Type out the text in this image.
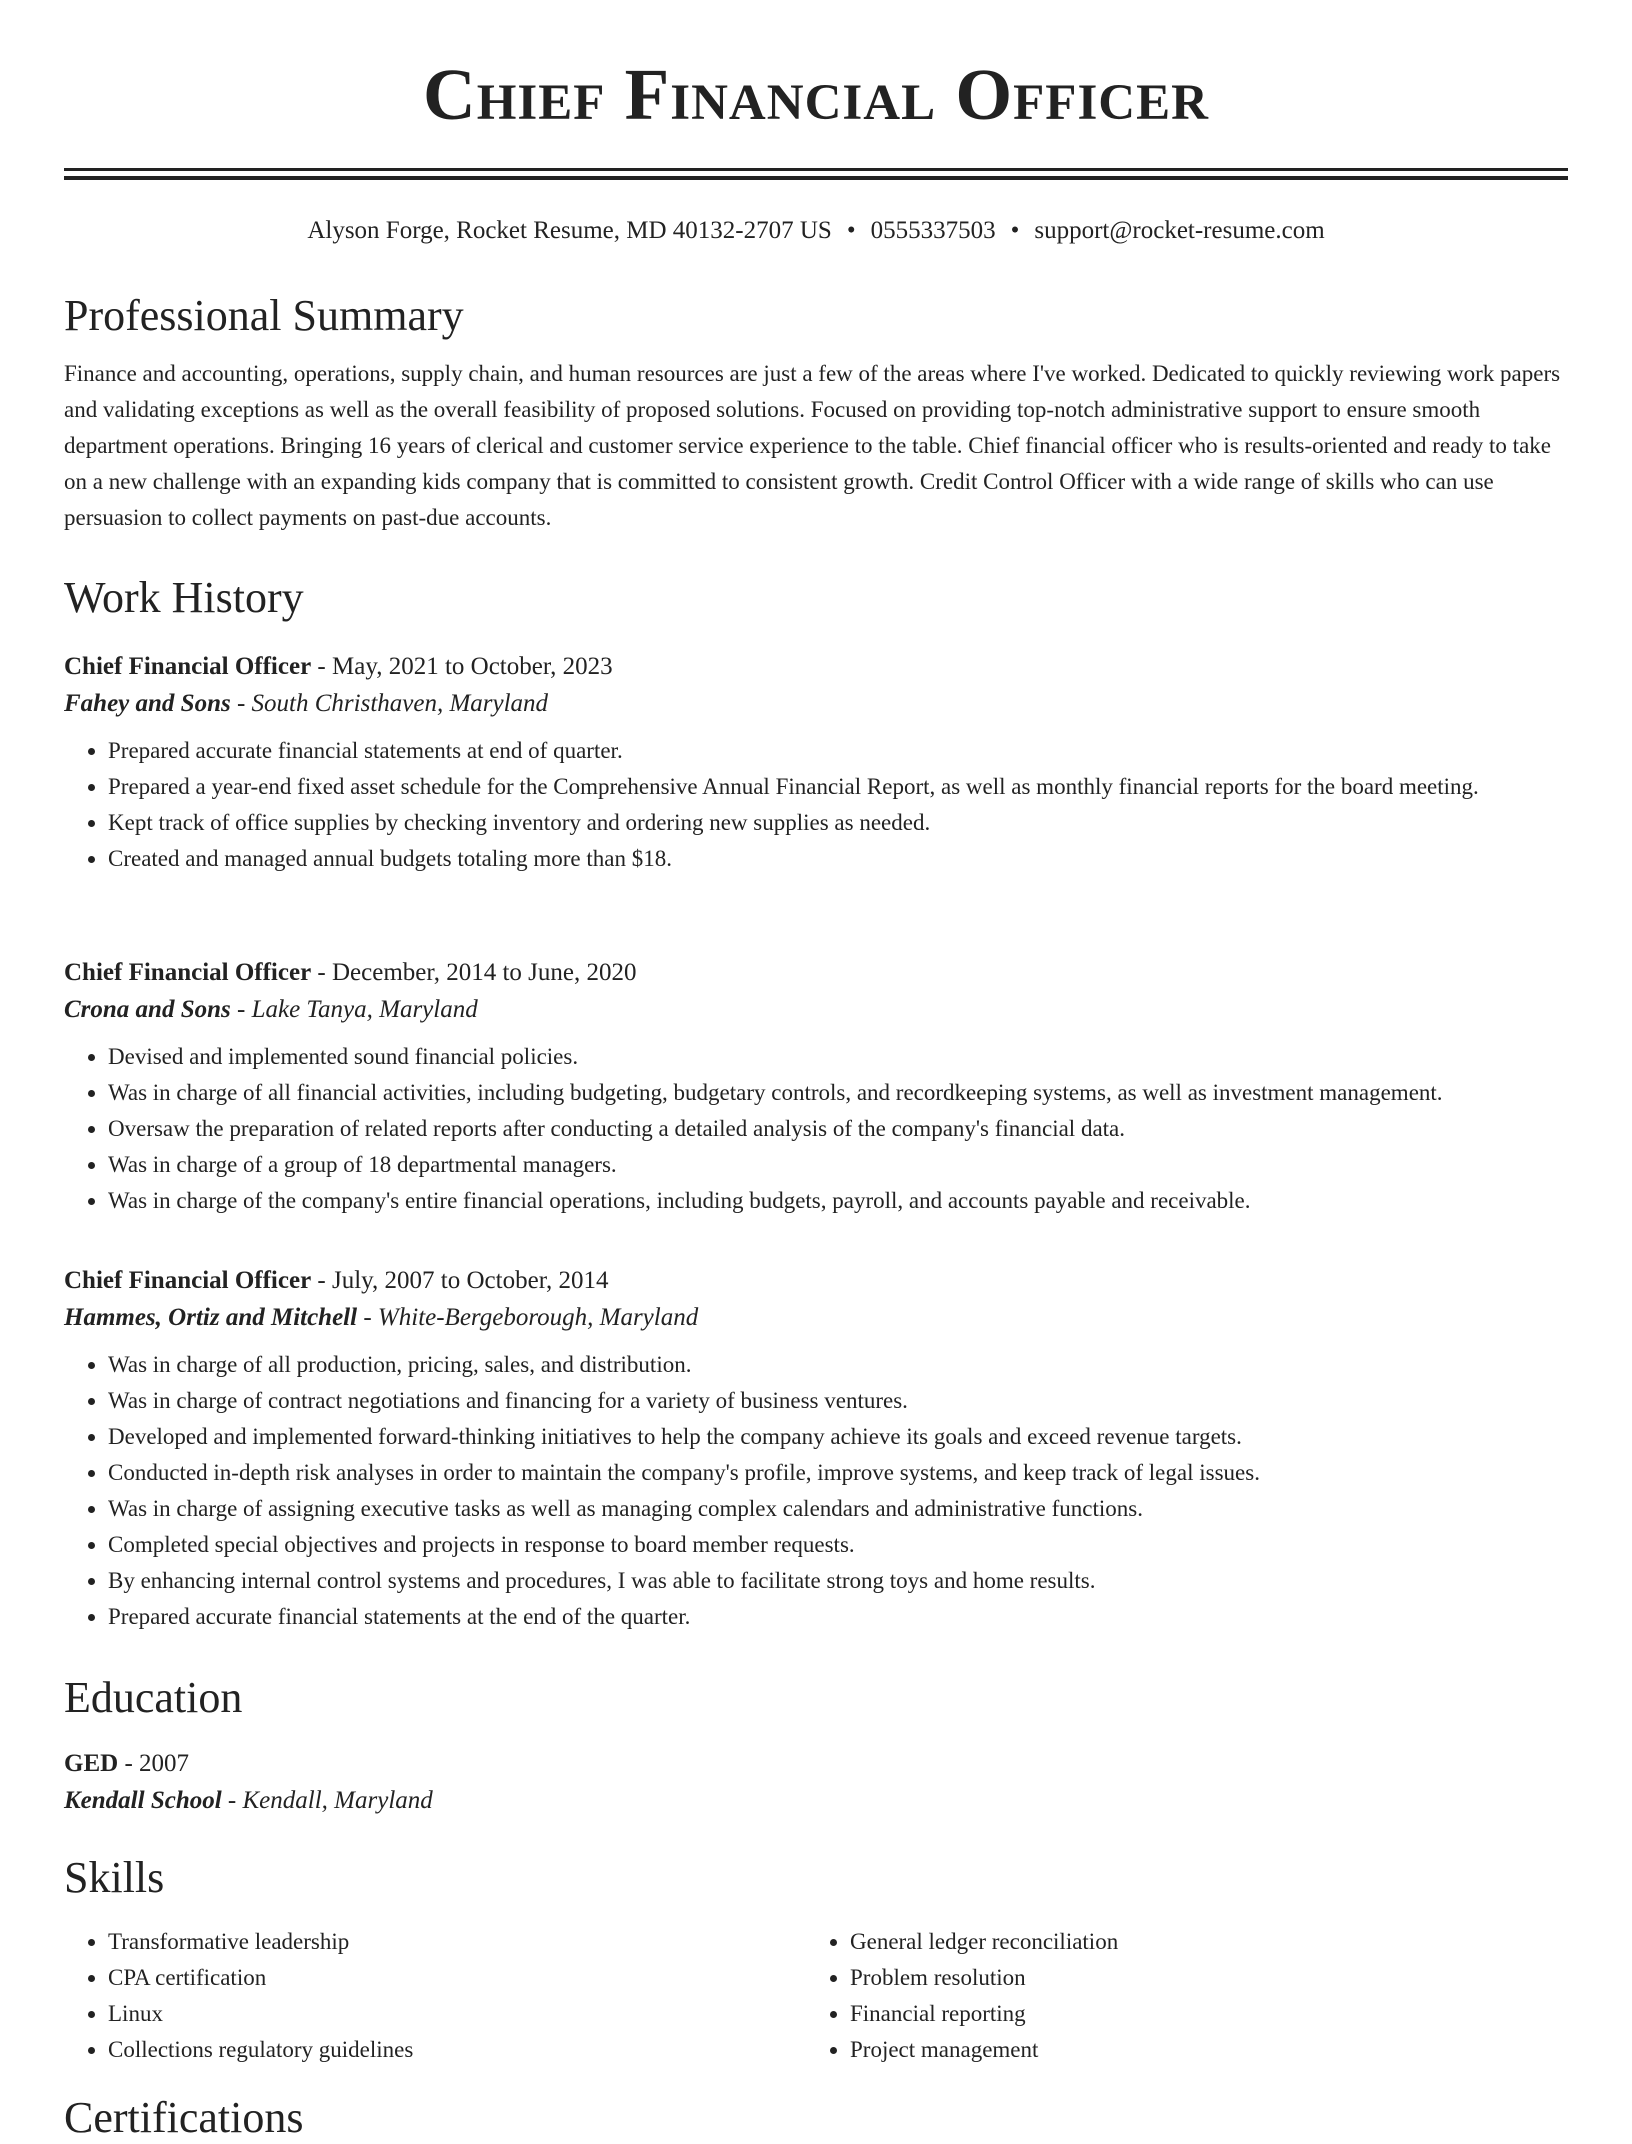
Chief Financial Officer
Alyson Forge, Rocket Resume, MD 40132-2707 US • 0555337503 • support@rocket-resume.com
Professional Summary

Finance and accounting, operations, supply chain, and human resources are just a few of the areas where I've worked. Dedicated to quickly reviewing work papers and validating exceptions as well as the overall feasibility of proposed solutions. Focused on providing top-notch administrative support to ensure smooth department operations. Bringing 16 years of clerical and customer service experience to the table. Chief financial officer who is results-oriented and ready to take on a new challenge with an expanding kids company that is committed to consistent growth. Credit Control Officer with a wide range of skills who can use persuasion to collect payments on past-due accounts.

Work History
Chief Financial Officer - May, 2021 to October, 2023
Fahey and Sons - South Christhaven, Maryland
• Prepared accurate financial statements at end of quarter.
• Prepared a year-end fixed asset schedule for the Comprehensive Annual Financial Report, as well as monthly financial reports for the board meeting.
• Kept track of office supplies by checking inventory and ordering new supplies as needed.
• Created and managed annual budgets totaling more than $18.
Chief Financial Officer - December, 2014 to June, 2020
Crona and Sons - Lake Tanya, Maryland
• Devised and implemented sound financial policies.
• Was in charge of all financial activities, including budgeting, budgetary controls, and recordkeeping systems, as well as investment management.
• Oversaw the preparation of related reports after conducting a detailed analysis of the company's financial data.
• Was in charge of a group of 18 departmental managers.
• Was in charge of the company's entire financial operations, including budgets, payroll, and accounts payable and receivable.
Chief Financial Officer - July, 2007 to October, 2014
Hammes, Ortiz and Mitchell - White-Bergeborough, Maryland
• Was in charge of all production, pricing, sales, and distribution.
• Was in charge of contract negotiations and financing for a variety of business ventures.
• Developed and implemented forward-thinking initiatives to help the company achieve its goals and exceed revenue targets.
• Conducted in-depth risk analyses in order to maintain the company's profile, improve systems, and keep track of legal issues.
• Was in charge of assigning executive tasks as well as managing complex calendars and administrative functions.
• Completed special objectives and projects in response to board member requests.
• By enhancing internal control systems and procedures, I was able to facilitate strong toys and home results.
• Prepared accurate financial statements at the end of the quarter.
Education
GED - 2007
Kendall School - Kendall, Maryland
Skills
• Transformative leadership
• CPA certification
• Linux
• Collections regulatory guidelines
• General ledger reconciliation
• Problem resolution
• Financial reporting
• Project management
Certifications
